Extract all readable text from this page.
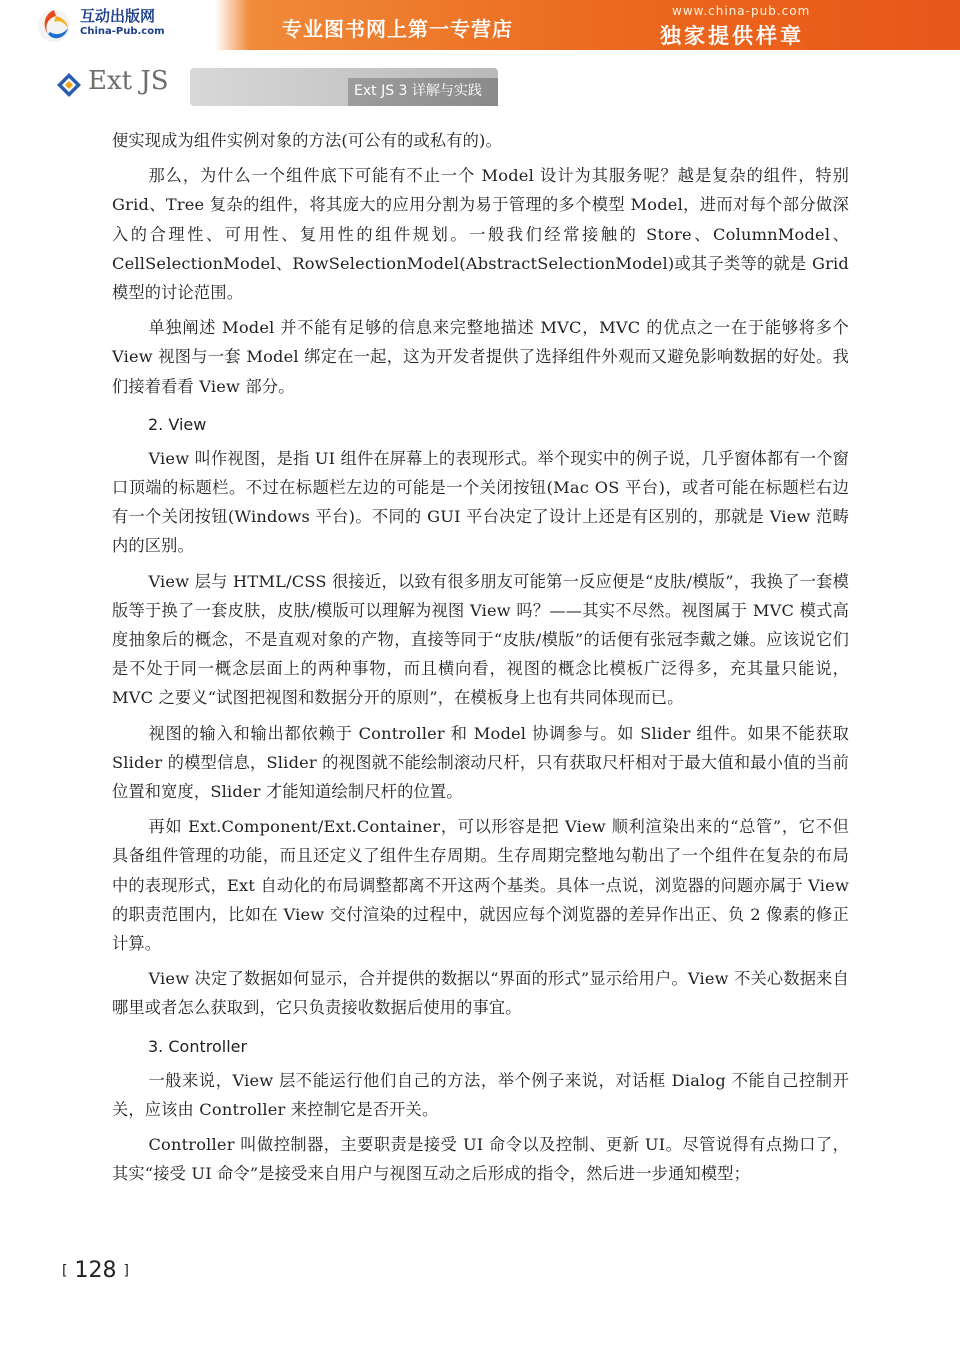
互动出版网
China-Pub.com	专业图书网上第一专营店
www.china-pub.com
独家提供样章
Ext JS	Ext JS 3 详解与实践

便实现成为组件实例对象的方法(可公有的或私有的)。

那么，为什么一个组件底下可能有不止一个 Model 设计为其服务呢？越是复杂的组件，特别 Grid、Tree 复杂的组件，将其庞大的应用分割为易于管理的多个模型 Model，进而对每个部分做深入的合理性、可用性、复用性的组件规划。一般我们经常接触的 Store、ColumnModel、CellSelectionModel、RowSelectionModel(AbstractSelectionModel)或其子类等的就是 Grid 模型的讨论范围。

单独阐述 Model 并不能有足够的信息来完整地描述 MVC，MVC 的优点之一在于能够将多个 View 视图与一套 Model 绑定在一起，这为开发者提供了选择组件外观而又避免影响数据的好处。我们接着看看 View 部分。

2. View

View 叫作视图，是指 UI 组件在屏幕上的表现形式。举个现实中的例子说，几乎窗体都有一个窗口顶端的标题栏。不过在标题栏左边的可能是一个关闭按钮(Mac OS 平台)，或者可能在标题栏右边有一个关闭按钮(Windows 平台)。不同的 GUI 平台决定了设计上还是有区别的，那就是 View 范畴内的区别。

View 层与 HTML/CSS 很接近，以致有很多朋友可能第一反应便是“皮肤/模版”，我换了一套模版等于换了一套皮肤，皮肤/模版可以理解为视图 View 吗？——其实不尽然。视图属于 MVC 模式高度抽象后的概念，不是直观对象的产物，直接等同于“皮肤/模版”的话便有张冠李戴之嫌。应该说它们是不处于同一概念层面上的两种事物，而且横向看，视图的概念比模板广泛得多，充其量只能说，MVC 之要义“试图把视图和数据分开的原则”，在模板身上也有共同体现而已。

视图的输入和输出都依赖于 Controller 和 Model 协调参与。如 Slider 组件。如果不能获取 Slider 的模型信息，Slider 的视图就不能绘制滚动尺杆，只有获取尺杆相对于最大值和最小值的当前位置和宽度，Slider 才能知道绘制尺杆的位置。

再如 Ext.Component/Ext.Container，可以形容是把 View 顺利渲染出来的“总管”，它不但具备组件管理的功能，而且还定义了组件生存周期。生存周期完整地勾勒出了一个组件在复杂的布局中的表现形式，Ext 自动化的布局调整都离不开这两个基类。具体一点说，浏览器的问题亦属于 View 的职责范围内，比如在 View 交付渲染的过程中，就因应每个浏览器的差异作出正、负 2 像素的修正计算。

View 决定了数据如何显示，合并提供的数据以“界面的形式”显示给用户。View 不关心数据来自哪里或者怎么获取到，它只负责接收数据后使用的事宜。

3. Controller

一般来说，View 层不能运行他们自己的方法，举个例子来说，对话框 Dialog 不能自己控制开关，应该由 Controller 来控制它是否开关。

Controller 叫做控制器，主要职责是接受 UI 命令以及控制、更新 UI。尽管说得有点拗口了，其实“接受 UI 命令”是接受来自用户与视图互动之后形成的指令，然后进一步通知模型；

[ 128 ]
